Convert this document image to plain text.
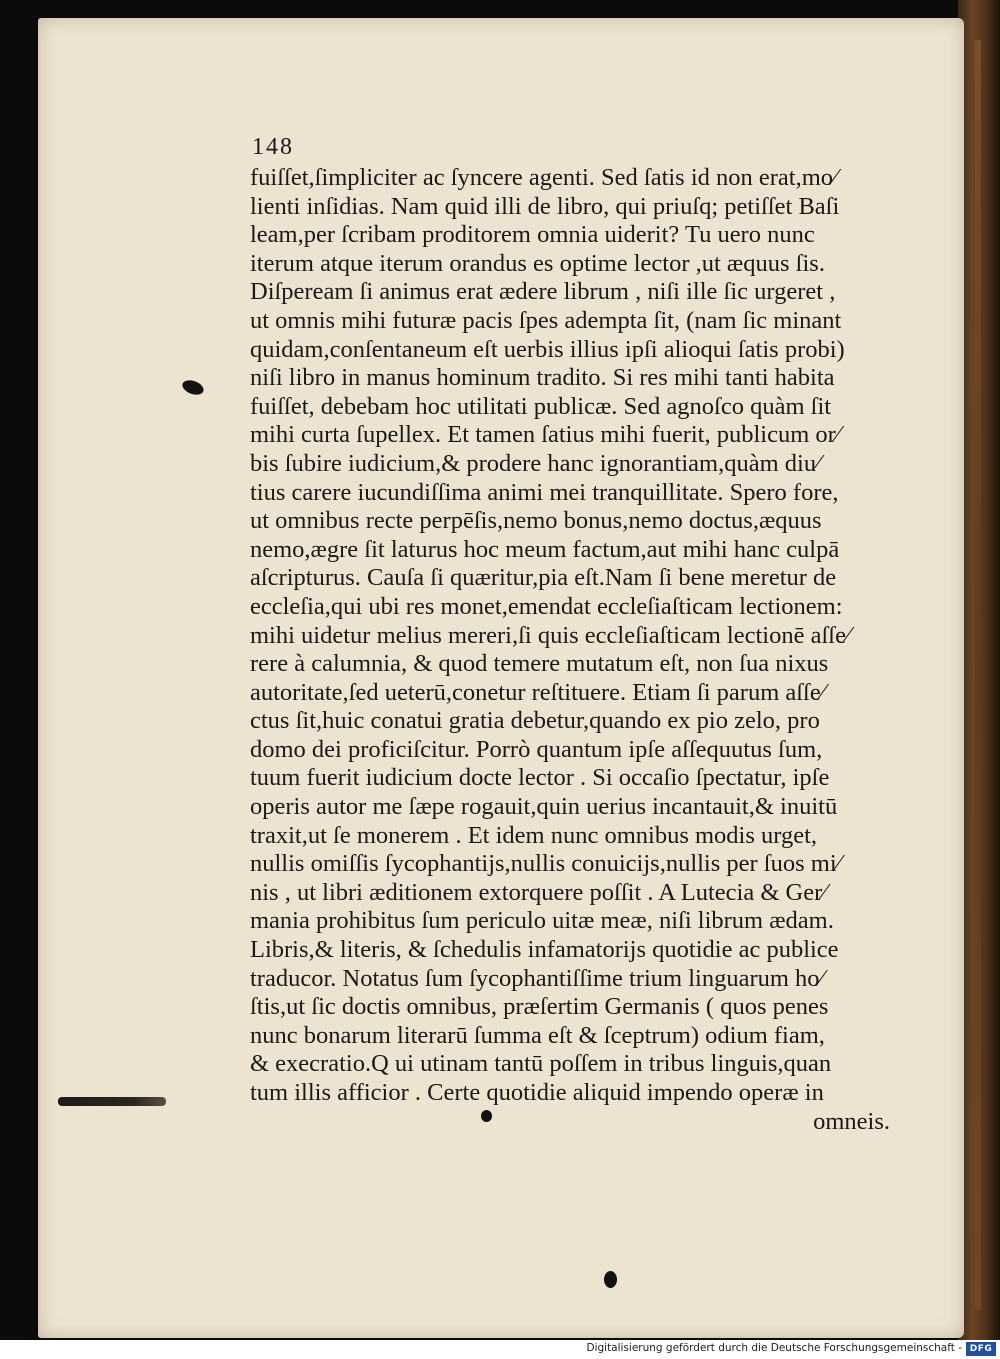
148
fuiſſet,ſimpliciter ac ſyncere agenti. Sed ſatis id non erat,mo⁄
lienti inſidias. Nam quid illi de libro, qui priuſq; petiſſet Baſi
leam,per ſcribam proditorem omnia uiderit? Tu uero nunc
iterum atque iterum orandus es optime lector ,ut æquus ſis.
Diſpeream ſi animus erat ædere librum , niſi ille ſic urgeret ,
ut omnis mihi futuræ pacis ſpes adempta ſit, (nam ſic minant
quidam,conſentaneum eſt uerbis illius ipſi alioqui ſatis probi)
niſi libro in manus hominum tradito. Si res mihi tanti habita
fuiſſet, debebam hoc utilitati publicæ. Sed agnoſco quàm ſit
mihi curta ſupellex. Et tamen ſatius mihi fuerit, publicum or⁄
bis ſubire iudicium,& prodere hanc ignorantiam,quàm diu⁄
tius carere iucundiſſima animi mei tranquillitate. Spero fore,
ut omnibus recte perpēſis,nemo bonus,nemo doctus,æquus
nemo,ægre ſit laturus hoc meum factum,aut mihi hanc culpā
aſcripturus. Cauſa ſi quæritur,pia eſt.Nam ſi bene meretur de
eccleſia,qui ubi res monet,emendat eccleſiaſticam lectionem:
mihi uidetur melius mereri,ſi quis eccleſiaſticam lectionē aſſe⁄
rere à calumnia, & quod temere mutatum eſt, non ſua nixus
autoritate,ſed ueterū,conetur reſtituere. Etiam ſi parum aſſe⁄
ctus ſit,huic conatui gratia debetur,quando ex pio zelo, pro
domo dei proficiſcitur. Porrò quantum ipſe aſſequutus ſum,
tuum fuerit iudicium docte lector . Si occaſio ſpectatur, ipſe
operis autor me ſæpe rogauit,quin uerius incantauit,& inuitū
traxit,ut ſe monerem . Et idem nunc omnibus modis urget,
nullis omiſſis ſycophantijs,nullis conuicijs,nullis per ſuos mi⁄
nis , ut libri æditionem extorquere poſſit . A Lutecia & Ger⁄
mania prohibitus ſum periculo uitæ meæ, niſi librum ædam.
Libris,& literis, & ſchedulis infamatorijs quotidie ac publice
traducor. Notatus ſum ſycophantiſſime trium linguarum ho⁄
ſtis,ut ſic doctis omnibus, præſertim Germanis ( quos penes
nunc bonarum literarū ſumma eſt & ſceptrum) odium fiam,
& execratio.Q ui utinam tantū poſſem in tribus linguis,quan
tum illis afficior . Certe quotidie aliquid impendo operæ in
omneis.
Digitalisierung gefördert durch die Deutsche Forschungsgemeinschaft - DFG
